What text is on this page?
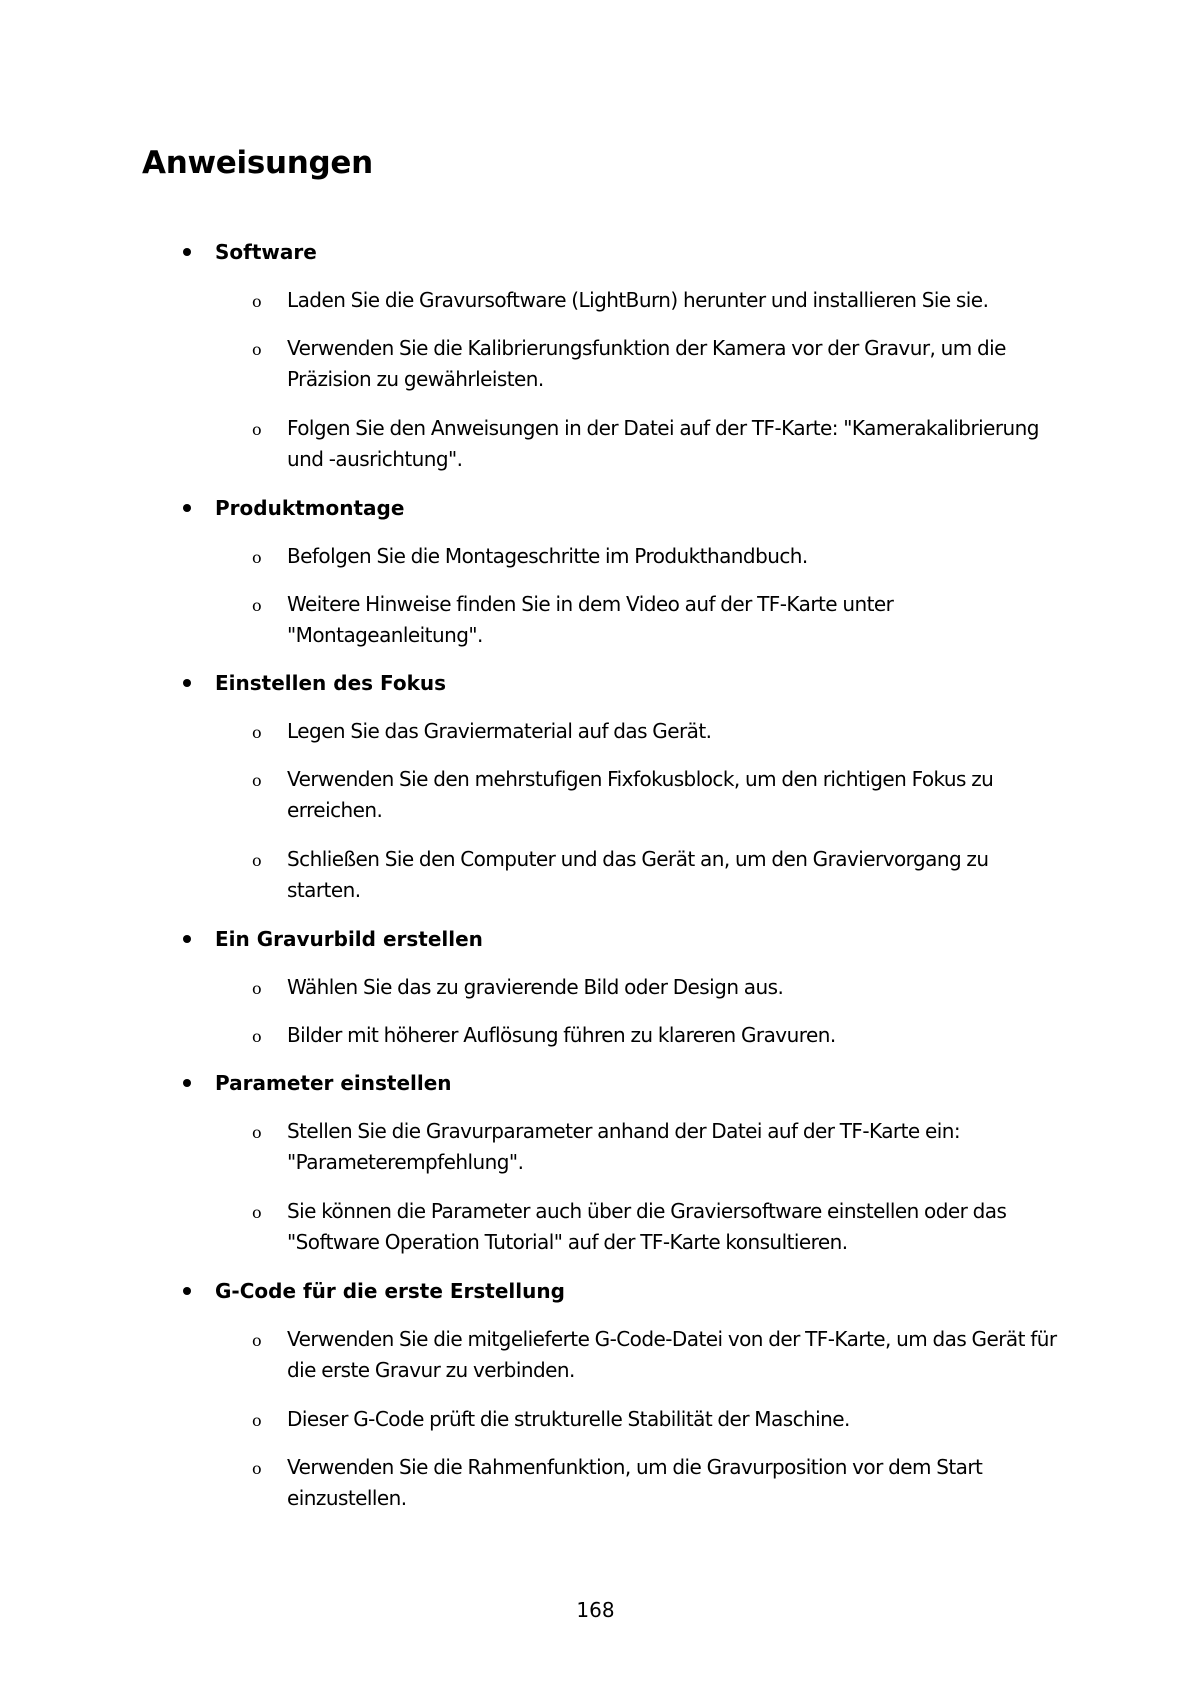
Anweisungen
Software
o Laden Sie die Gravursoftware (LightBurn) herunter und installieren Sie sie.
o Verwenden Sie die Kalibrierungsfunktion der Kamera vor der Gravur, um die Präzision zu gewährleisten.
o Folgen Sie den Anweisungen in der Datei auf der TF-Karte: "Kamerakalibrierung und -ausrichtung".
Produktmontage
o Befolgen Sie die Montageschritte im Produkthandbuch.
o Weitere Hinweise finden Sie in dem Video auf der TF-Karte unter "Montageanleitung".
Einstellen des Fokus
o Legen Sie das Graviermaterial auf das Gerät.
o Verwenden Sie den mehrstufigen Fixfokusblock, um den richtigen Fokus zu erreichen.
o Schließen Sie den Computer und das Gerät an, um den Graviervorgang zu starten.
Ein Gravurbild erstellen
o Wählen Sie das zu gravierende Bild oder Design aus.
o Bilder mit höherer Auflösung führen zu klareren Gravuren.
Parameter einstellen
o Stellen Sie die Gravurparameter anhand der Datei auf der TF-Karte ein: "Parameterempfehlung".
o Sie können die Parameter auch über die Graviersoftware einstellen oder das "Software Operation Tutorial" auf der TF-Karte konsultieren.
G-Code für die erste Erstellung
o Verwenden Sie die mitgelieferte G-Code-Datei von der TF-Karte, um das Gerät für die erste Gravur zu verbinden.
o Dieser G-Code prüft die strukturelle Stabilität der Maschine.
o Verwenden Sie die Rahmenfunktion, um die Gravurposition vor dem Start einzustellen.
168
